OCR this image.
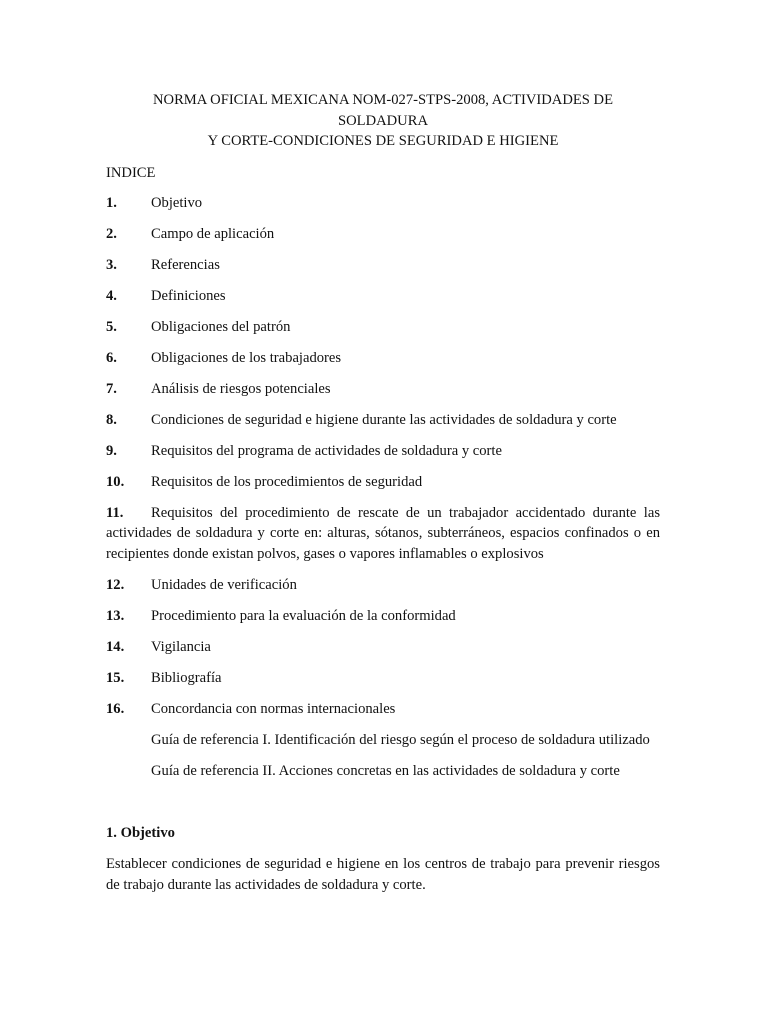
NORMA OFICIAL MEXICANA NOM-027-STPS-2008, ACTIVIDADES DE
SOLDADURA
Y CORTE-CONDICIONES DE SEGURIDAD E HIGIENE
INDICE
1. Objetivo
2. Campo de aplicación
3. Referencias
4. Definiciones
5. Obligaciones del patrón
6. Obligaciones de los trabajadores
7. Análisis de riesgos potenciales
8. Condiciones de seguridad e higiene durante las actividades de soldadura y corte
9. Requisitos del programa de actividades de soldadura y corte
10. Requisitos de los procedimientos de seguridad
11. Requisitos del procedimiento de rescate de un trabajador accidentado durante las actividades de soldadura y corte en: alturas, sótanos, subterráneos, espacios confinados o en recipientes donde existan polvos, gases o vapores inflamables o explosivos
12. Unidades de verificación
13. Procedimiento para la evaluación de la conformidad
14. Vigilancia
15. Bibliografía
16. Concordancia con normas internacionales

Guía de referencia I. Identificación del riesgo según el proceso de soldadura utilizado

Guía de referencia II. Acciones concretas en las actividades de soldadura y corte

1. Objetivo

Establecer condiciones de seguridad e higiene en los centros de trabajo para prevenir riesgos de trabajo durante las actividades de soldadura y corte.
